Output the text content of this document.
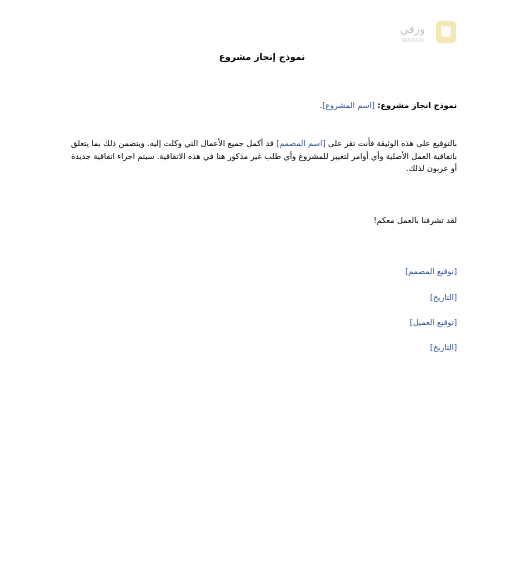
ورقي
WARAQI
نموذج إنجاز مشروع
نموذج انجاز مشروع: [اسم المشروع].
بالتوقيع على هذه الوثيقة فأنت تقر على [اسم المصمم] قد أكمل جميع الأعمال التي وكلت إليه. ويتضمن ذلك بما يتعلق باتفاقية العمل الأصلية وأي أوامر لتغيير للمشروع وأي طلب غير مذكور هنا في هذه الاتفاقية. سيتم اجراء اتفاقية جديدة أو عربون لذلك.
لقد تشرفنا بالعمل معكم!
[توقيع المصمم]
[التاريخ]
[توقيع العميل]
[التاريخ]
